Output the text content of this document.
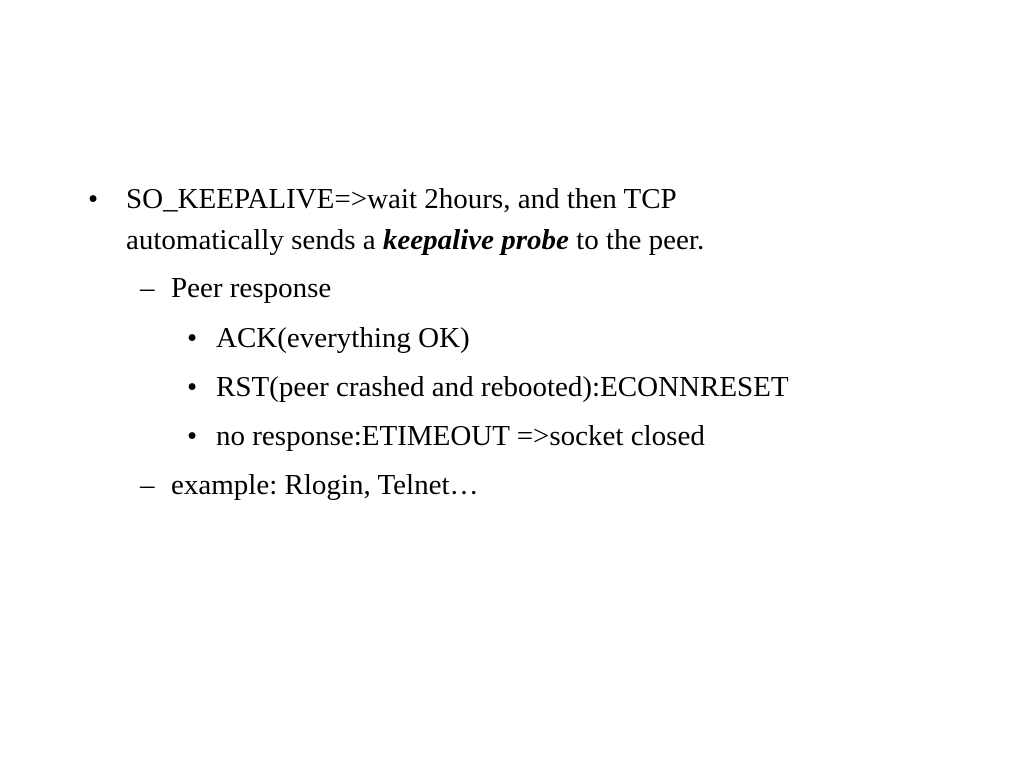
• SO_KEEPALIVE=>wait 2hours, and then TCP
automatically sends a keepalive probe to the peer.
– Peer response
• ACK(everything OK)
• RST(peer crashed and rebooted):ECONNRESET
• no response:ETIMEOUT =>socket closed
– example: Rlogin, Telnet…
